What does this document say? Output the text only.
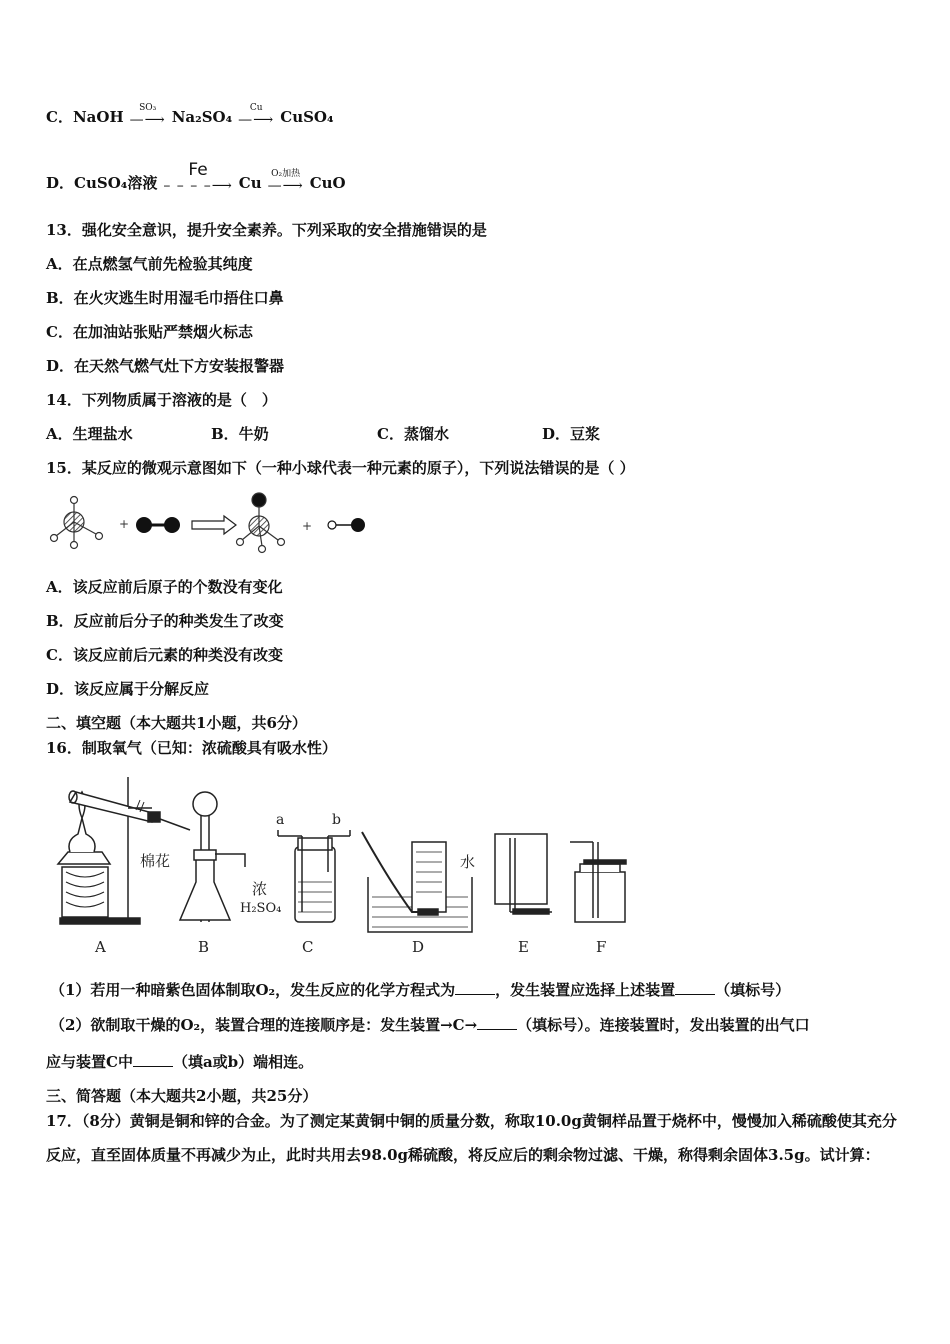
C． NaOH SO₃
—⟶ Na₂SO₄ Cu
—⟶ CuSO₄
D． CuSO₄溶液
Fe
– – – –⟶ Cu O₂加热
—⟶ CuO
13．强化安全意识，提升安全素养。下列采取的安全措施错误的是
A．在点燃氢气前先检验其纯度
B．在火灾逃生时用湿毛巾捂住口鼻
C．在加油站张贴严禁烟火标志
D．在天然气燃气灶下方安装报警器
14．下列物质属于溶液的是（　）
A．生理盐水	B．牛奶	C．蒸馏水	D．豆浆
15．某反应的微观示意图如下（一种小球代表一种元素的原子），下列说法错误的是（ ）
+	+
A．该反应前后原子的个数没有变化
B．反应前后分子的种类发生了改变
C．该反应前后元素的种类没有改变
D．该反应属于分解反应
二、填空题（本大题共1小题，共6分）
16．制取氧气（已知：浓硫酸具有吸水性）
棉花
a	b
浓
H₂SO₄
水
A	B	C	D	E	F
（1）若用一种暗紫色固体制取O₂，发生反应的化学方程式为	，发生装置应选择上述装置	（填标号）
（2）欲制取干燥的O₂，装置合理的连接顺序是：发生装置→C→	（填标号）。连接装置时，发出装置的出气口
应与装置C中	（填a或b）端相连。
三、简答题（本大题共2小题，共25分）
17．（8分）黄铜是铜和锌的合金。为了测定某黄铜中铜的质量分数，称取10.0g黄铜样品置于烧杯中，慢慢加入稀硫酸使其充分反应，直至固体质量不再减少为止，此时共用去98.0g稀硫酸，将反应后的剩余物过滤、干燥，称得剩余固体3.5g。试计算：
